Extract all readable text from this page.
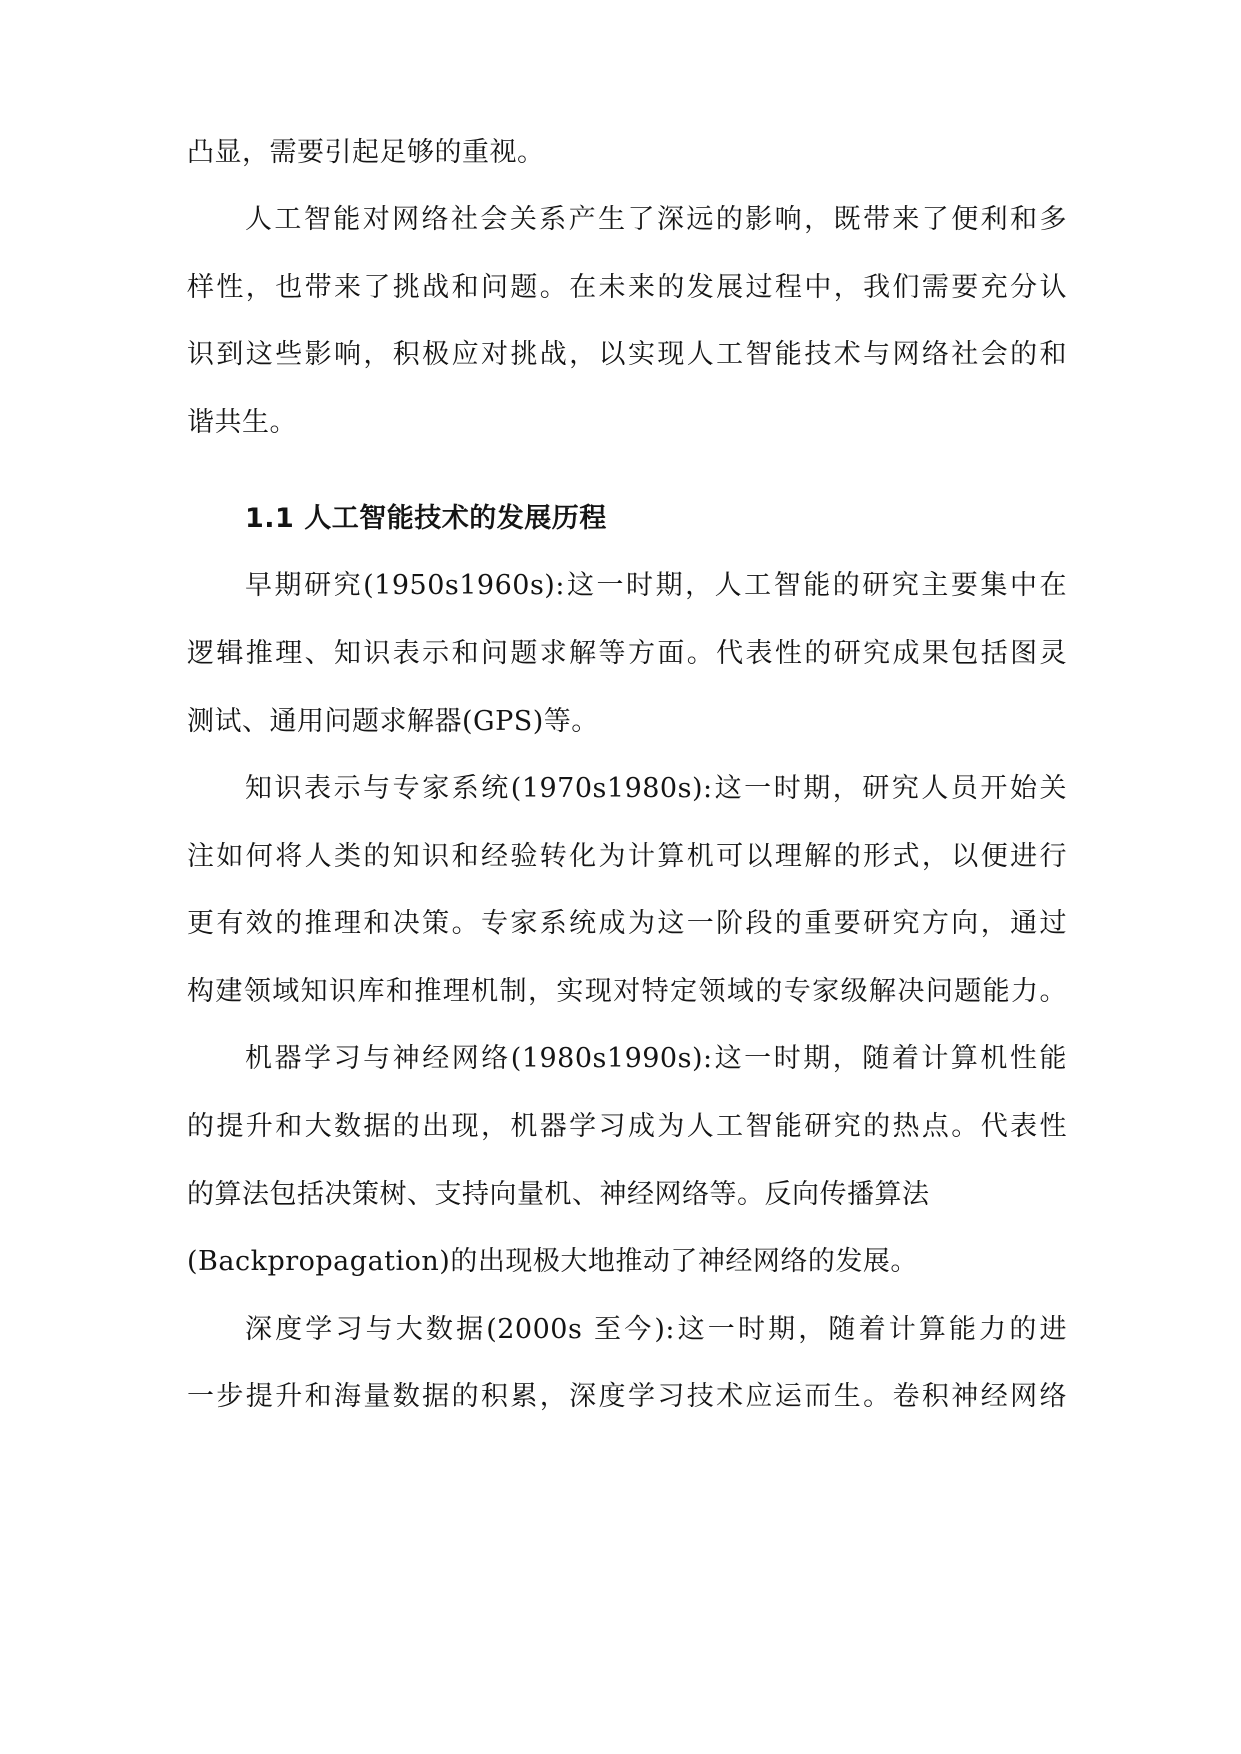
凸显，需要引起足够的重视。
人工智能对网络社会关系产生了深远的影响，既带来了便利和多
样性，也带来了挑战和问题。在未来的发展过程中，我们需要充分认
识到这些影响，积极应对挑战，以实现人工智能技术与网络社会的和
谐共生。
1.1 人工智能技术的发展历程
早期研究(1950s1960s):这一时期，人工智能的研究主要集中在
逻辑推理、知识表示和问题求解等方面。代表性的研究成果包括图灵
测试、通用问题求解器(GPS)等。
知识表示与专家系统(1970s1980s):这一时期，研究人员开始关
注如何将人类的知识和经验转化为计算机可以理解的形式，以便进行
更有效的推理和决策。专家系统成为这一阶段的重要研究方向，通过
构建领域知识库和推理机制，实现对特定领域的专家级解决问题能力。
机器学习与神经网络(1980s1990s):这一时期，随着计算机性能
的提升和大数据的出现，机器学习成为人工智能研究的热点。代表性
的算法包括决策树、支持向量机、神经网络等。反向传播算法
(Backpropagation)的出现极大地推动了神经网络的发展。
深度学习与大数据(2000s 至今):这一时期，随着计算能力的进
一步提升和海量数据的积累，深度学习技术应运而生。卷积神经网络
